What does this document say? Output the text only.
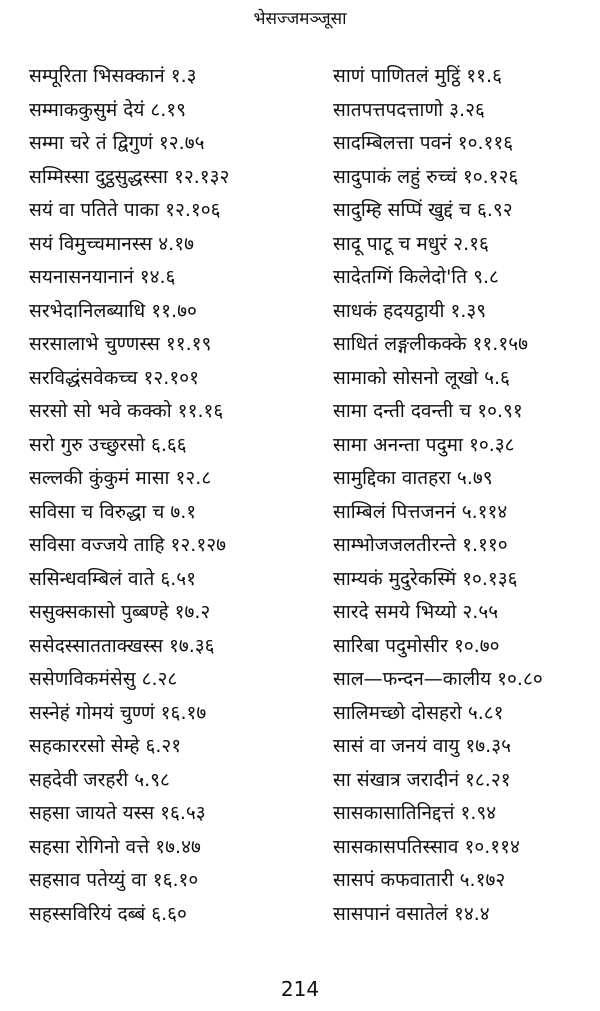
भेसज्जमञ्जूसा
सम्पूरिता भिसक्कानं १.३
सम्माककुसुमं देयं ८.१९
सम्मा चरे तं द्विगुणं १२.७५
सम्मिस्सा दुट्ठसुद्धस्सा १२.१३२
सयं वा पतिते पाका १२.१०६
सयं विमुच्चमानस्स ४.१७
सयनासनयानानं १४.६
सरभेदानिलब्याधि ११.७०
सरसालाभे चुण्णस्स ११.१९
सरविद्धंसवेकच्च १२.१०१
सरसो सो भवे कक्को ११.१६
सरो गुरु उच्छुरसो ६.६६
सल्लकी कुंकुमं मासा १२.८
सविसा च विरुद्धा च ७.१
सविसा वज्जये ताहि १२.१२७
ससिन्धवम्बिलं वाते ६.५१
ससुक्सकासो पुब्बण्हे १७.२
ससेदस्सातताक्खस्स १७.३६
ससेणविकमंसेसु ८.२८
सस्नेहं गोमयं चुण्णं १६.१७
सहकाररसो सेम्हे ६.२१
सहदेवी जरहरी ५.९८
सहसा जायते यस्स १६.५३
सहसा रोगिनो वत्ते १७.४७
सहसाव पतेय्युं वा १६.१०
सहस्सविरियं दब्बं ६.६०
साणं पाणितलं मुट्ठिं ११.६
सातपत्तपदत्ताणो ३.२६
सादम्बिलत्ता पवनं १०.११६
सादुपाकं लहुं रुच्चं १०.१२६
सादुम्हि सप्पिं खुद्दं च ६.९२
सादू पाटू च मधुरं २.१६
सादेतग्गिं किलेदो'ति ९.८
साधकं हदयट्ठायी १.३९
साधितं लङ्गलीकक्के ११.१५७
सामाको सोसनो लूखो ५.६
सामा दन्ती दवन्ती च १०.९१
सामा अनन्ता पदुमा १०.३८
सामुद्दिका वातहरा ५.७९
साम्बिलं पित्तजननं ५.११४
साम्भोजजलतीरन्ते १.११०
साम्यकं मुदुरेकस्मिं १०.१३६
सारदे समये भिय्यो २.५५
सारिबा पदुमोसीर १०.७०
साल—फन्दन—कालीय १०.८०
सालिमच्छो दोसहरो ५.८१
सासं वा जनयं वायु १७.३५
सा संखात्र जरादीनं १८.२१
सासकासातिनिद्दत्तं १.९४
सासकासपतिस्साव १०.११४
सासपं कफवातारी ५.१७२
सासपानं वसातेलं १४.४
214
